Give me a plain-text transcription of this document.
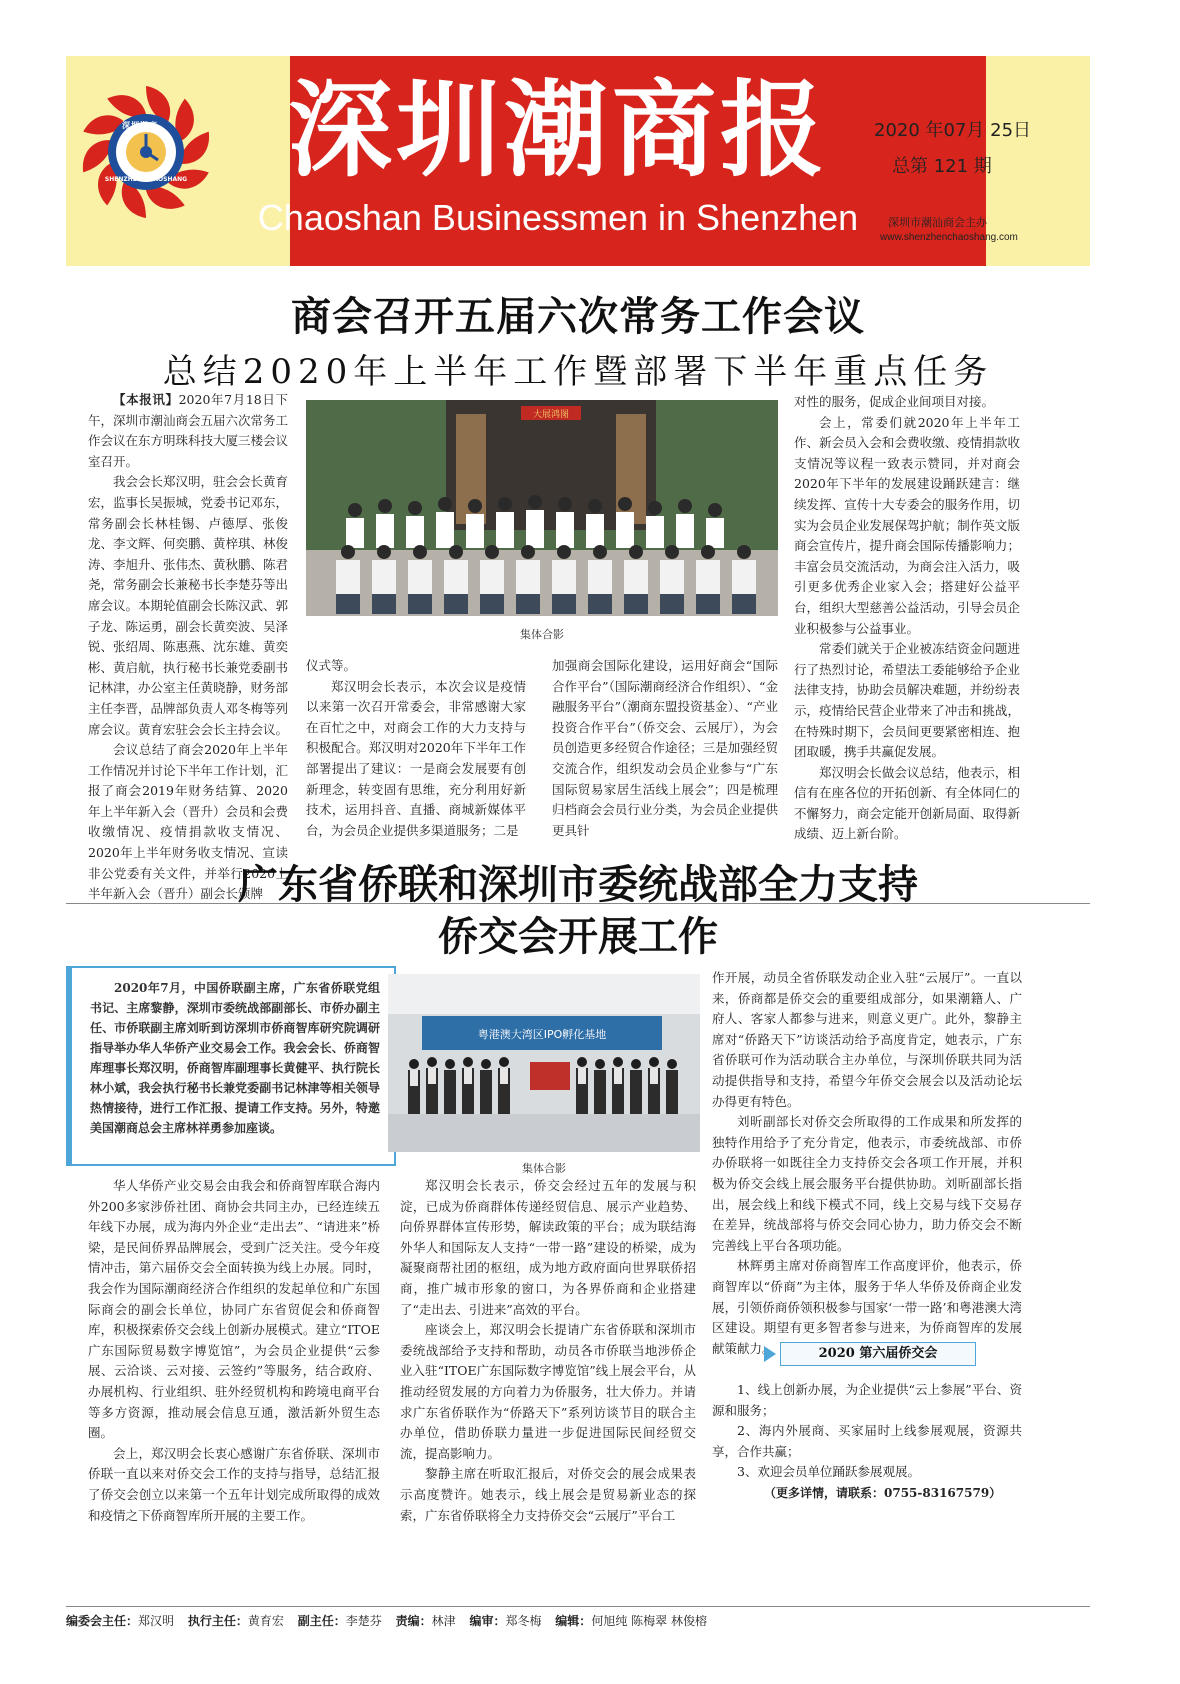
深圳潮商
SHENZHEN CHAOSHANG 深圳潮商报
Chaoshan Businessmen in Shenzhen
2020 年07月 25日
总第 121 期
深圳市潮汕商会主办
www.shenzhenchaoshang.com
商会召开五届六次常务工作会议
总结2020年上半年工作暨部署下半年重点任务

【本报讯】2020年7月18日下午，深圳市潮汕商会五届六次常务工作会议在东方明珠科技大厦三楼会议室召开。

我会会长郑汉明，驻会会长黄育宏，监事长吴振城，党委书记邓东，常务副会长林桂锡、卢德厚、张俊龙、李文辉、何奕鹏、黄梓琪、林俊涛、李旭升、张伟杰、黄秋鹏、陈君尧，常务副会长兼秘书长李楚芬等出席会议。本期轮值副会长陈汉武、郭子龙、陈运勇，副会长黄奕波、吴泽锐、张绍周、陈惠燕、沈东雄、黄奕彬、黄启航，执行秘书长兼党委副书记林津，办公室主任黄晓静，财务部主任李晋，品牌部负责人邓冬梅等列席会议。黄育宏驻会会长主持会议。

会议总结了商会2020年上半年工作情况并讨论下半年工作计划，汇报了商会2019年财务结算、2020年上半年新入会（晋升）会员和会费收缴情况、疫情捐款收支情况、2020年上半年财务收支情况、宣读非公党委有关文件，并举行2020上半年新入会（晋升）副会长颁牌

大展鸿图
集体合影

仪式等。

郑汉明会长表示，本次会议是疫情以来第一次召开常委会，非常感谢大家在百忙之中，对商会工作的大力支持与积极配合。郑汉明对2020年下半年工作部署提出了建议：一是商会发展要有创新理念，转变固有思维，充分利用好新技术，运用抖音、直播、商城新媒体平台，为会员企业提供多渠道服务；二是

加强商会国际化建设，运用好商会“国际合作平台”（国际潮商经济合作组织）、“金融服务平台”（潮商东盟投资基金）、“产业投资合作平台”（侨交会、云展厅），为会员创造更多经贸合作途径；三是加强经贸交流合作，组织发动会员企业参与“广东国际贸易家居生活线上展会”；四是梳理归档商会会员行业分类，为会员企业提供更具针

对性的服务，促成企业间项目对接。

会上，常委们就2020年上半年工作、新会员入会和会费收缴、疫情捐款收支情况等议程一致表示赞同，并对商会2020年下半年的发展建设踊跃建言：继续发挥、宣传十大专委会的服务作用，切实为会员企业发展保驾护航；制作英文版商会宣传片，提升商会国际传播影响力；丰富会员交流活动，为商会注入活力，吸引更多优秀企业家入会；搭建好公益平台，组织大型慈善公益活动，引导会员企业积极参与公益事业。

常委们就关于企业被冻结资金问题进行了热烈讨论，希望法工委能够给予企业法律支持，协助会员解决难题，并纷纷表示，疫情给民营企业带来了冲击和挑战，在特殊时期下，会员间更要紧密相连、抱团取暖，携手共赢促发展。

郑汉明会长做会议总结，他表示，相信有在座各位的开拓创新、有全体同仁的不懈努力，商会定能开创新局面、取得新成绩、迈上新台阶。

广东省侨联和深圳市委统战部全力支持
侨交会开展工作

2020年7月，中国侨联副主席，广东省侨联党组书记、主席黎静，深圳市委统战部副部长、市侨办副主任、市侨联副主席刘昕到访深圳市侨商智库研究院调研指导举办华人华侨产业交易会工作。我会会长、侨商智库理事长郑汉明，侨商智库副理事长黄健平、执行院长林小斌，我会执行秘书长兼党委副书记林津等相关领导热情接待，进行工作汇报、提请工作支持。另外，特邀美国潮商总会主席林祥勇参加座谈。

粤港澳大湾区IPO孵化基地
集体合影

华人华侨产业交易会由我会和侨商智库联合海内外200多家涉侨社团、商协会共同主办，已经连续五年线下办展，成为海内外企业“走出去”、“请进来”桥梁，是民间侨界品牌展会，受到广泛关注。受今年疫情冲击，第六届侨交会全面转换为线上办展。同时，我会作为国际潮商经济合作组织的发起单位和广东国际商会的副会长单位，协同广东省贸促会和侨商智库，积极探索侨交会线上创新办展模式。建立“ITOE广东国际贸易数字博览馆”，为会员企业提供“云参展、云洽谈、云对接、云签约”等服务，结合政府、办展机构、行业组织、驻外经贸机构和跨境电商平台等多方资源，推动展会信息互通，激活新外贸生态圈。

会上，郑汉明会长衷心感谢广东省侨联、深圳市侨联一直以来对侨交会工作的支持与指导，总结汇报了侨交会创立以来第一个五年计划完成所取得的成效和疫情之下侨商智库所开展的主要工作。

郑汉明会长表示，侨交会经过五年的发展与积淀，已成为侨商群体传递经贸信息、展示产业趋势、向侨界群体宣传形势，解读政策的平台；成为联结海外华人和国际友人支持“一带一路”建设的桥梁，成为凝聚商帮社团的枢纽，成为地方政府面向世界联侨招商，推广城市形象的窗口，为各界侨商和企业搭建了“走出去、引进来”高效的平台。

座谈会上，郑汉明会长提请广东省侨联和深圳市委统战部给予支持和帮助，动员各市侨联当地涉侨企业入驻“ITOE广东国际数字博览馆”线上展会平台，从推动经贸发展的方向着力为侨服务，壮大侨力。并请求广东省侨联作为“侨路天下”系列访谈节目的联合主办单位，借助侨联力量进一步促进国际民间经贸交流，提高影响力。

黎静主席在听取汇报后，对侨交会的展会成果表示高度赞许。她表示，线上展会是贸易新业态的探索，广东省侨联将全力支持侨交会“云展厅”平台工

作开展，动员全省侨联发动企业入驻“云展厅”。一直以来，侨商都是侨交会的重要组成部分，如果潮籍人、广府人、客家人都参与进来，则意义更广。此外，黎静主席对“侨路天下”访谈活动给予高度肯定，她表示，广东省侨联可作为活动联合主办单位，与深圳侨联共同为活动提供指导和支持，希望今年侨交会展会以及活动论坛办得更有特色。

刘昕副部长对侨交会所取得的工作成果和所发挥的独特作用给予了充分肯定，他表示，市委统战部、市侨办侨联将一如既往全力支持侨交会各项工作开展，并积极为侨交会线上展会服务平台提供协助。刘昕副部长指出，展会线上和线下模式不同，线上交易与线下交易存在差异，统战部将与侨交会同心协力，助力侨交会不断完善线上平台各项功能。

林辉勇主席对侨商智库工作高度评价，他表示，侨商智库以“侨商”为主体，服务于华人华侨及侨商企业发展，引领侨商侨领积极参与国家‘一带一路’和粤港澳大湾区建设。期望有更多智者参与进来，为侨商智库的发展献策献力。	2020 第六届侨交会

1、线上创新办展，为企业提供“云上参展”平台、资源和服务；

2、海内外展商、买家届时上线参展观展，资源共享，合作共赢；

3、欢迎会员单位踊跃参展观展。

（更多详情，请联系：0755-83167579）

编委会主任：郑汉明 执行主任：黄育宏 副主任：李楚芬 责编：林津 编审：郑冬梅 编辑：何旭纯 陈梅翠 林俊榕
